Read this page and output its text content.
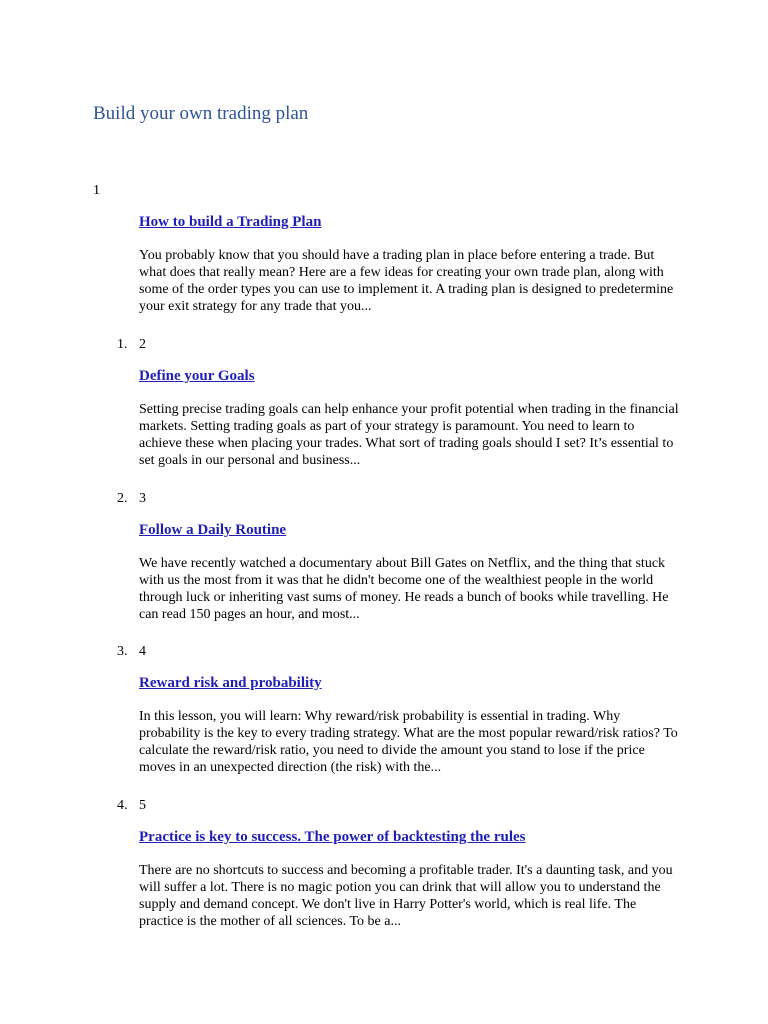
Build your own trading plan
1
How to build a Trading Plan

You probably know that you should have a trading plan in place before entering a trade. But what does that really mean? Here are a few ideas for creating your own trade plan, along with some of the order types you can use to implement it. A trading plan is designed to predetermine your exit strategy for any trade that you...

1. 2
Define your Goals

Setting precise trading goals can help enhance your profit potential when trading in the financial markets. Setting trading goals as part of your strategy is paramount. You need to learn to achieve these when placing your trades. What sort of trading goals should I set? It’s essential to set goals in our personal and business...

2. 3
Follow a Daily Routine

We have recently watched a documentary about Bill Gates on Netflix, and the thing that stuck with us the most from it was that he didn't become one of the wealthiest people in the world through luck or inheriting vast sums of money. He reads a bunch of books while travelling. He can read 150 pages an hour, and most...

3. 4
Reward risk and probability

In this lesson, you will learn: Why reward/risk probability is essential in trading. Why probability is the key to every trading strategy. What are the most popular reward/risk ratios? To calculate the reward/risk ratio, you need to divide the amount you stand to lose if the price moves in an unexpected direction (the risk) with the...

4. 5
Practice is key to success. The power of backtesting the rules

There are no shortcuts to success and becoming a profitable trader. It's a daunting task, and you will suffer a lot. There is no magic potion you can drink that will allow you to understand the supply and demand concept. We don't live in Harry Potter's world, which is real life. The practice is the mother of all sciences. To be a...
